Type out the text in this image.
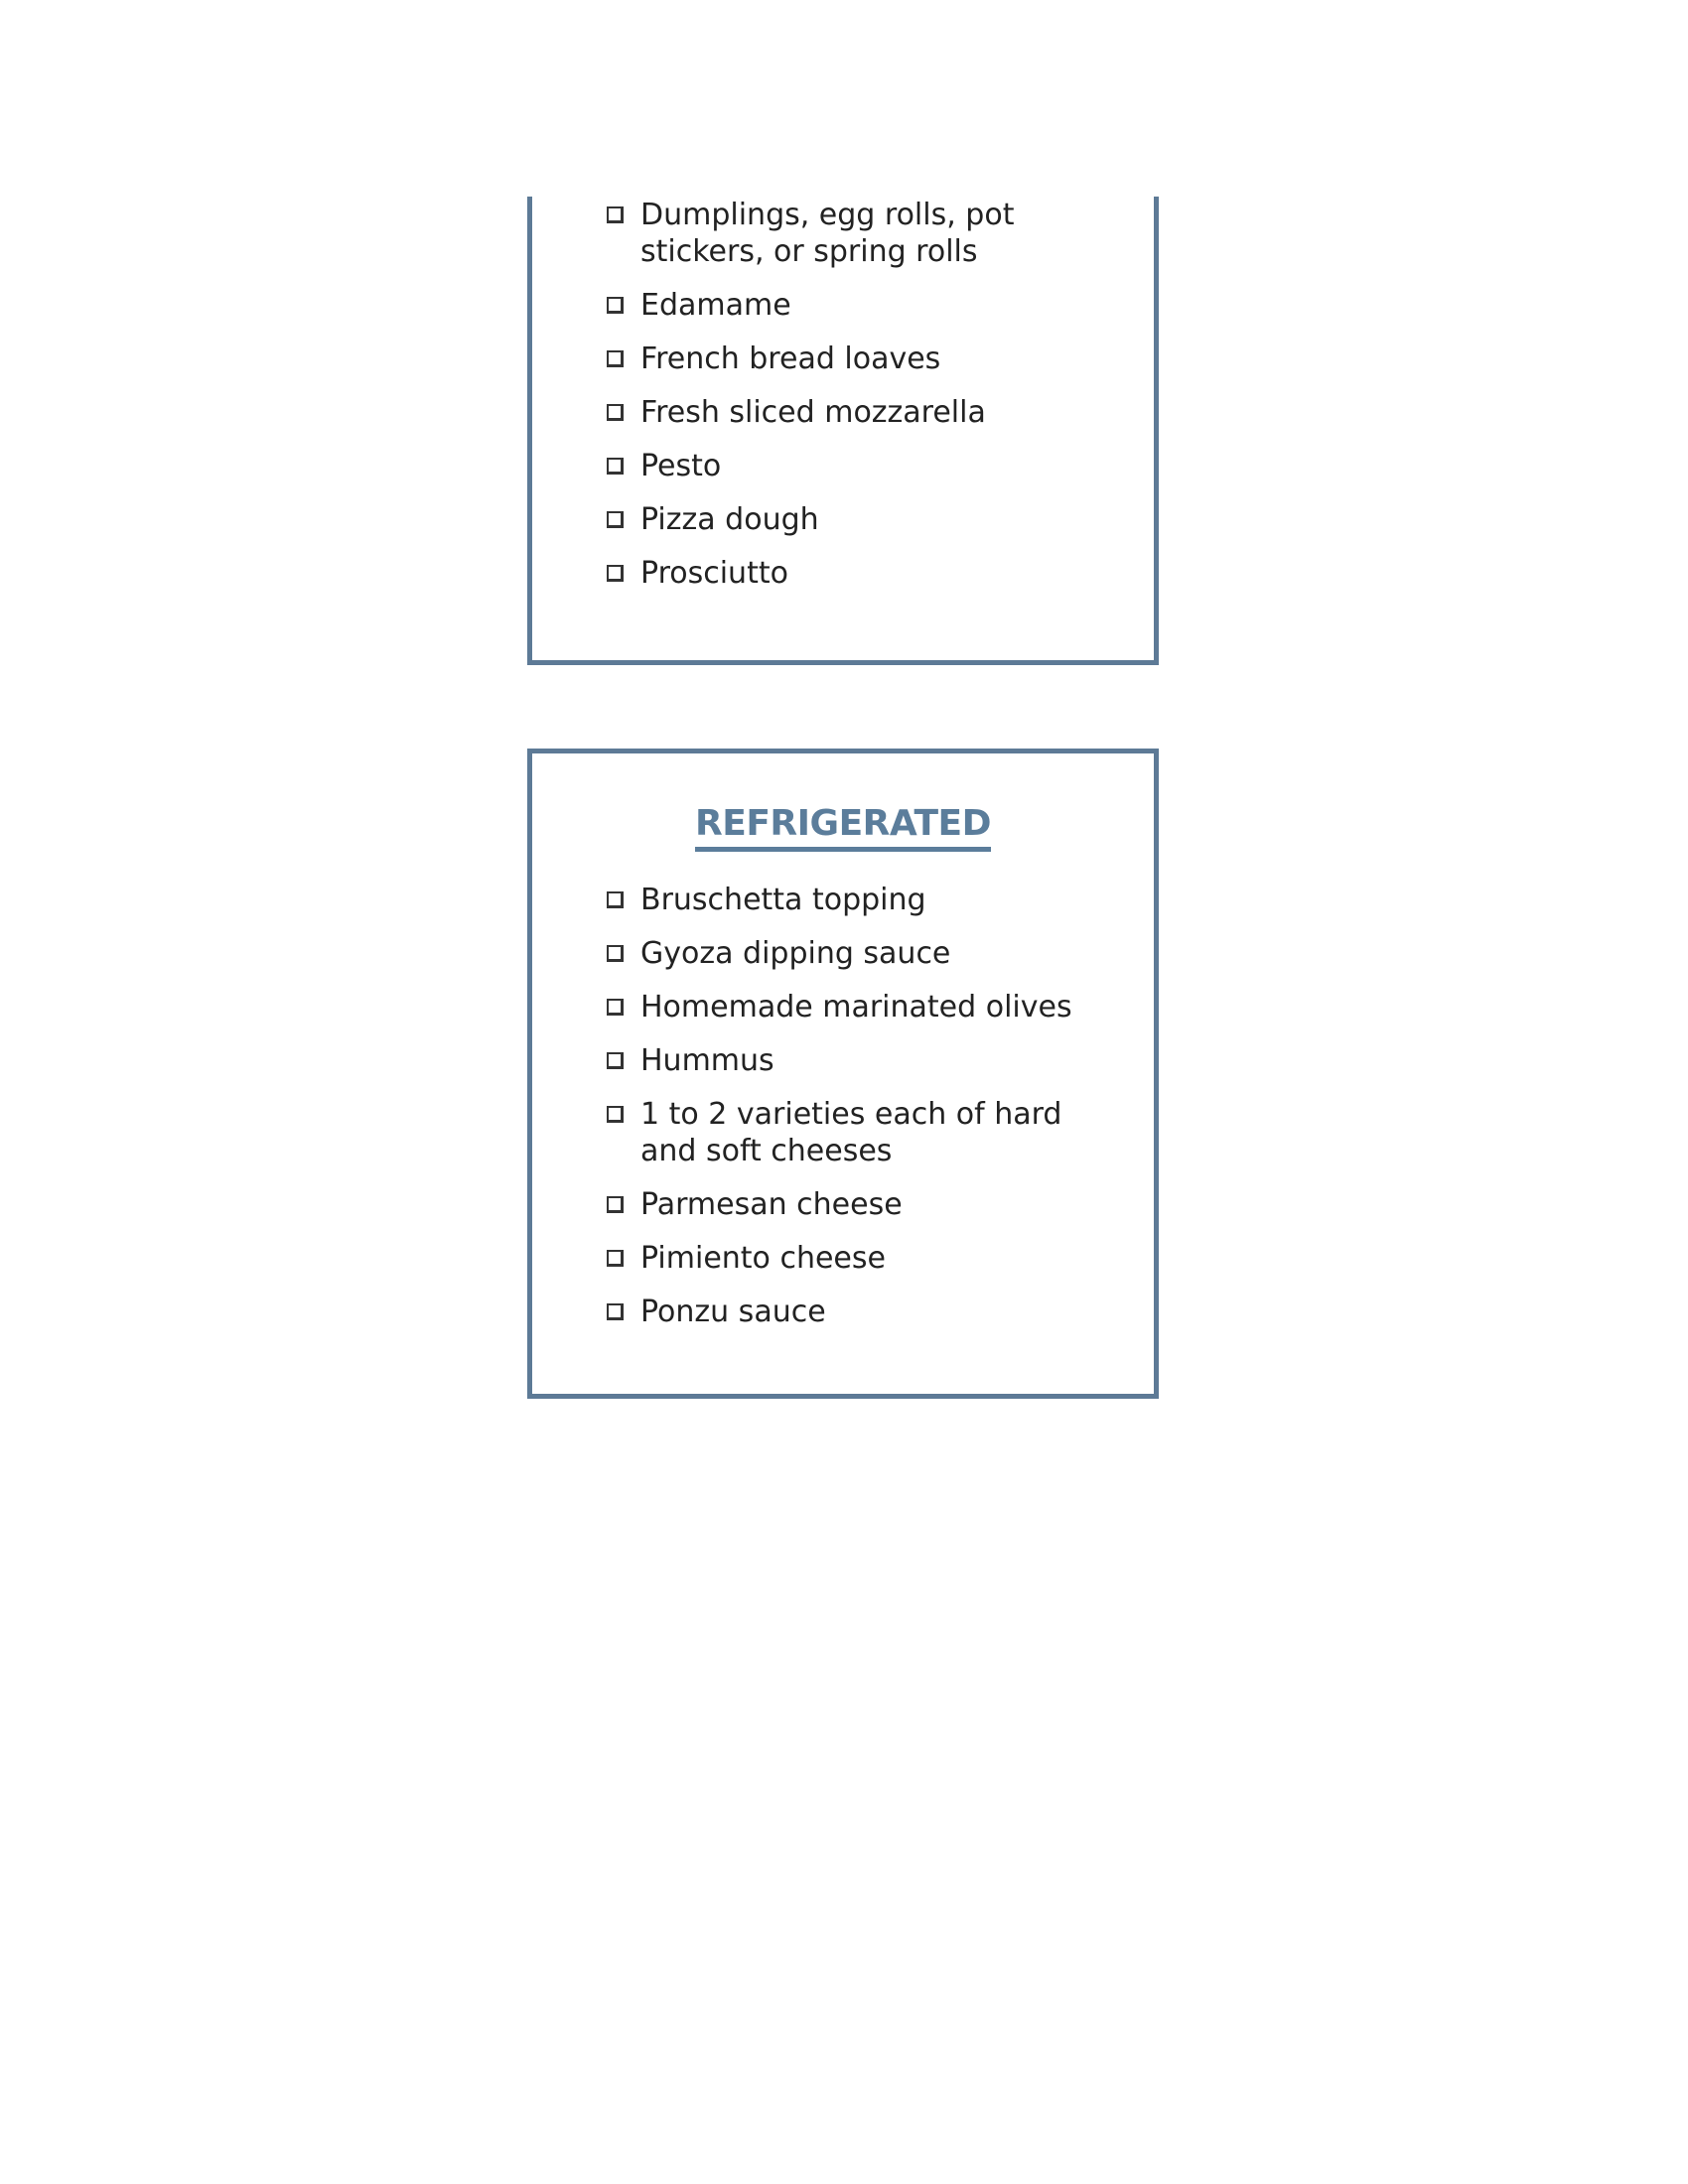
Dumplings, egg rolls, pot stickers, or spring rolls
Edamame
French bread loaves
Fresh sliced mozzarella
Pesto
Pizza dough
Prosciutto
REFRIGERATED
Bruschetta topping
Gyoza dipping sauce
Homemade marinated olives
Hummus
1 to 2 varieties each of hard and soft cheeses
Parmesan cheese
Pimiento cheese
Ponzu sauce
